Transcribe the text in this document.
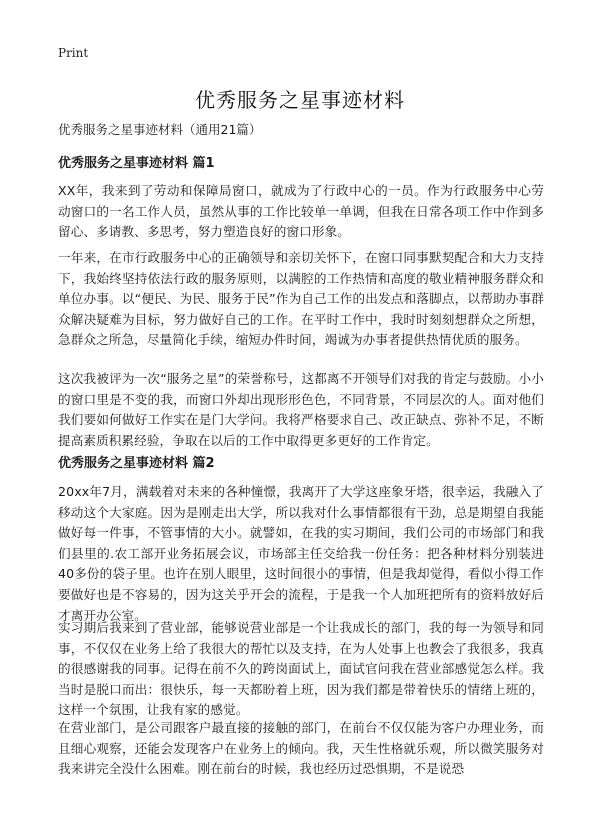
Print

优秀服务之星事迹材料

优秀服务之星事迹材料（通用21篇）

优秀服务之星事迹材料 篇1

XX年，我来到了劳动和保障局窗口，就成为了行政中心的一员。作为行政服务中心劳动窗口的一名工作人员，虽然从事的工作比较单一单调，但我在日常各项工作中作到多留心、多请教、多思考，努力塑造良好的窗口形象。

一年来，在市行政服务中心的正确领导和亲切关怀下，在窗口同事默契配合和大力支持下，我始终坚持依法行政的服务原则，以满腔的工作热情和高度的敬业精神服务群众和单位办事。以“便民、为民、服务于民”作为自己工作的出发点和落脚点，以帮助办事群众解决疑难为目标，努力做好自己的工作。在平时工作中，我时时刻刻想群众之所想，急群众之所急，尽量简化手续，缩短办件时间，竭诚为办事者提供热情优质的服务。

这次我被评为一次“服务之星”的荣誉称号，这都离不开领导们对我的肯定与鼓励。小小的窗口里是不变的我，而窗口外却出现形形色色，不同背景，不同层次的人。面对他们我们要如何做好工作实在是门大学问。我将严格要求自己、改正缺点、弥补不足，不断提高素质积累经验，争取在以后的工作中取得更多更好的工作肯定。

优秀服务之星事迹材料 篇2

20xx年7月，满载着对未来的各种憧憬，我离开了大学这座象牙塔，很幸运，我融入了移动这个大家庭。因为是刚走出大学，所以我对什么事情都很有干劲，总是期望自我能做好每一件事，不管事情的大小。就譬如，在我的实习期间，我们公司的市场部门和我们县里的.农工部开业务拓展会议，市场部主任交给我一份任务：把各种材料分别装进40多份的袋子里。也许在别人眼里，这时间很小的事情，但是我却觉得，看似小得工作要做好也是不容易的，因为这关乎开会的流程，于是我一个人加班把所有的资料放好后才离开办公室。

实习期后我来到了营业部，能够说营业部是一个让我成长的部门，我的每一为领导和同事，不仅仅在业务上给了我很大的帮忙以及支持，在为人处事上也教会了我很多，我真的很感谢我的同事。记得在前不久的跨岗面试上，面试官问我在营业部感觉怎么样。我当时是脱口而出：很快乐，每一天都盼着上班，因为我们都是带着快乐的情绪上班的，这样一个氛围，让我有家的感觉。

在营业部门，是公司跟客户最直接的接触的部门，在前台不仅仅能为客户办理业务，而且细心观察，还能会发现客户在业务上的倾向。我，天生性格就乐观，所以微笑服务对我来讲完全没什么困难。刚在前台的时候，我也经历过恐惧期，不是说恐
